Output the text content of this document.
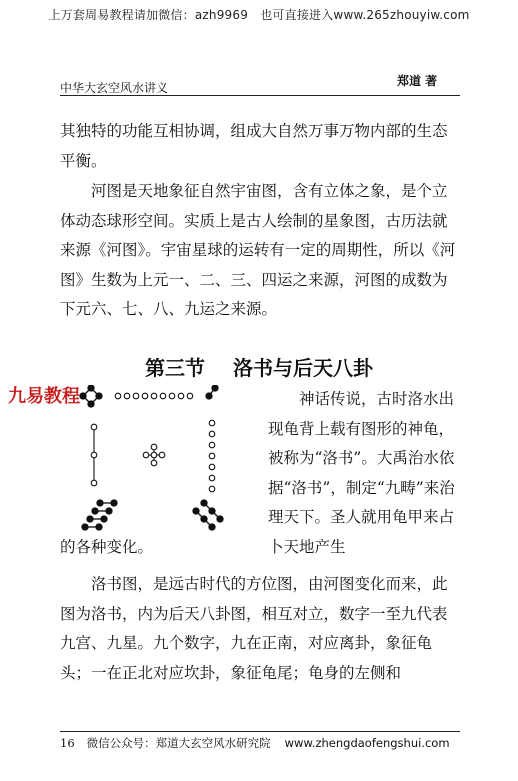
上万套周易教程请加微信：azh9969　也可直接进入www.265zhouyiw.com
中华大玄空风水讲义	郑道 著

其独特的功能互相协调，组成大自然万事万物内部的生态平衡。

河图是天地象征自然宇宙图，含有立体之象，是个立体动态球形空间。实质上是古人绘制的星象图，古历法就来源《河图》。宇宙星球的运转有一定的周期性，所以《河图》生数为上元一、二、三、四运之来源，河图的成数为下元六、七、八、九运之来源。

第三节 洛书与后天八卦
九易教程	神话传说，古时洛水出现龟背上载有图形的神龟，被称为“洛书”。大禹治水依据“洛书”，制定“九畴”来治理天下。圣人就用龟甲来占卜天地产生

的各种变化。

洛书图，是远古时代的方位图，由河图变化而来，此图为洛书，内为后天八卦图，相互对立，数字一至九代表九宫、九星。九个数字，九在正南，对应离卦，象征龟头；一在正北对应坎卦，象征龟尾；龟身的左侧和

16 微信公众号：郑道大玄空风水研究院 www.zhengdaofengshui.com
